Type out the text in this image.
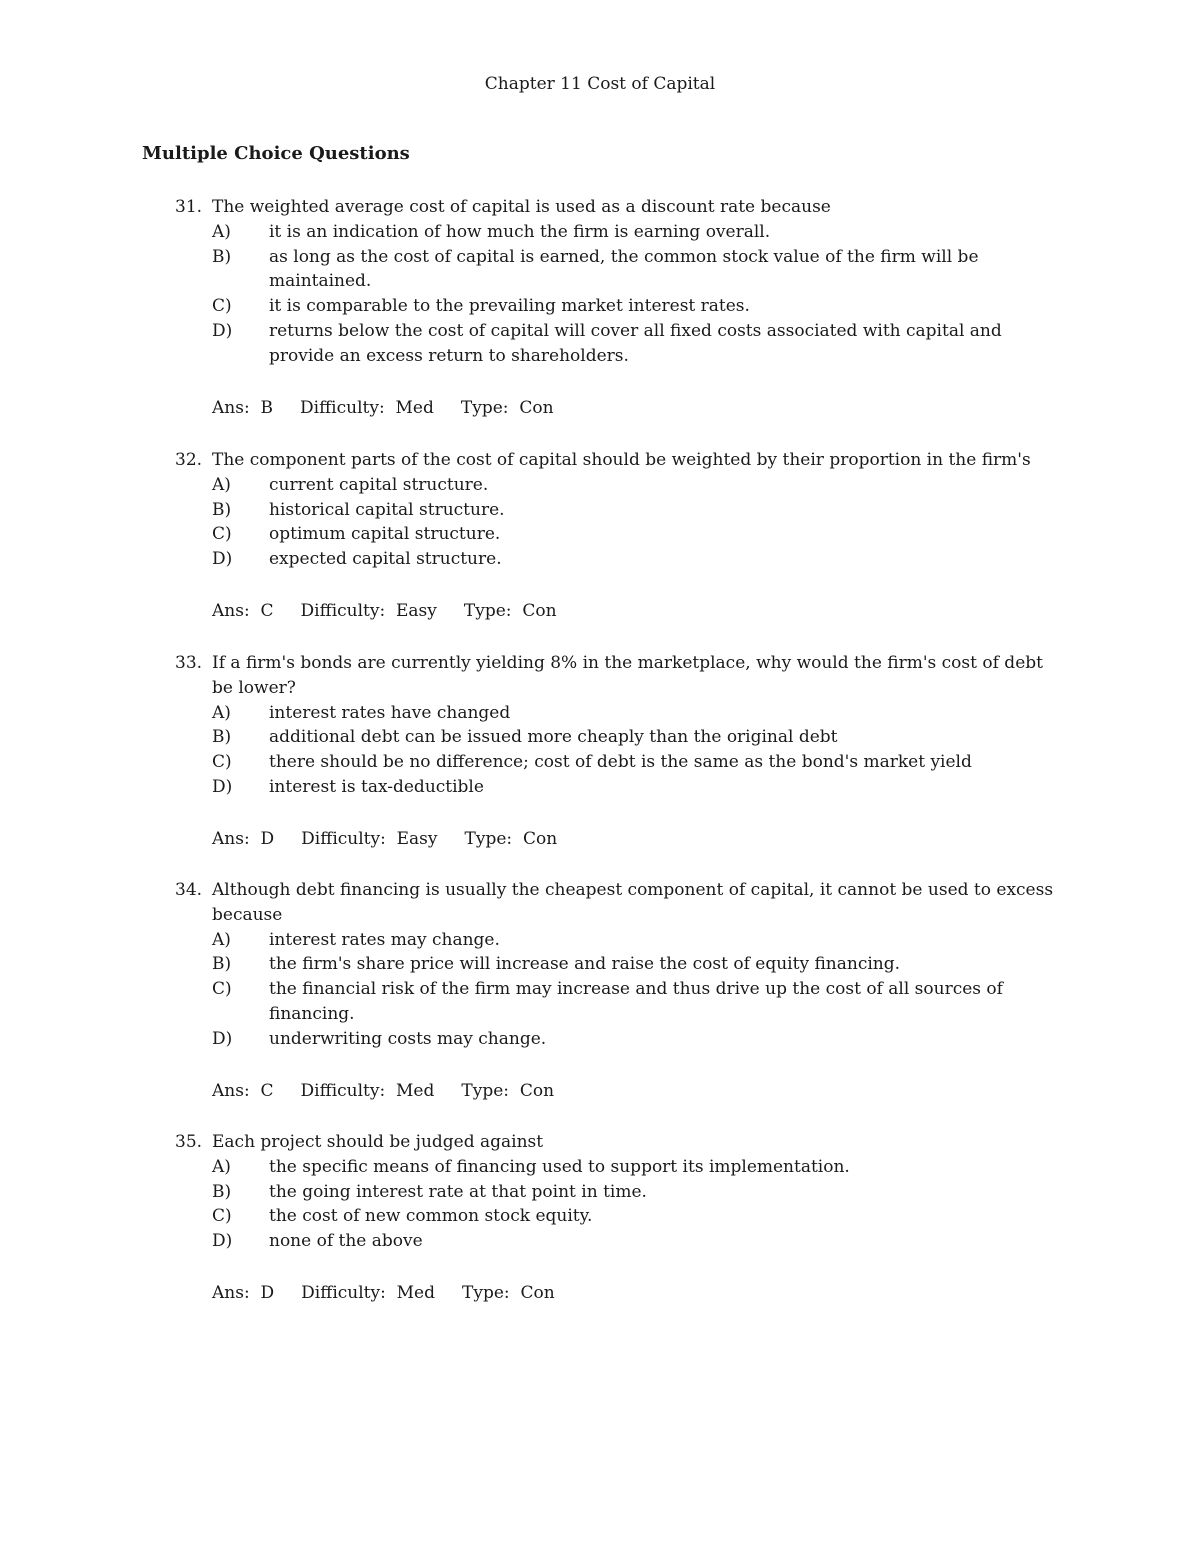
Chapter 11 Cost of Capital
Multiple Choice Questions
31. The weighted average cost of capital is used as a discount rate because
A)	it is an indication of how much the firm is earning overall.
B)	as long as the cost of capital is earned, the common stock value of the firm will be maintained.
C)	it is comparable to the prevailing market interest rates.
D)	returns below the cost of capital will cover all fixed costs associated with capital and provide an excess return to shareholders.
Ans: B Difficulty: Med Type: Con
32. The component parts of the cost of capital should be weighted by their proportion in the firm's
A)	current capital structure.
B)	historical capital structure.
C)	optimum capital structure.
D)	expected capital structure.
Ans: C Difficulty: Easy Type: Con
33. If a firm's bonds are currently yielding 8% in the marketplace, why would the firm's cost of debt be lower?
A)	interest rates have changed
B)	additional debt can be issued more cheaply than the original debt
C)	there should be no difference; cost of debt is the same as the bond's market yield
D)	interest is tax-deductible
Ans: D Difficulty: Easy Type: Con
34. Although debt financing is usually the cheapest component of capital, it cannot be used to excess because
A)	interest rates may change.
B)	the firm's share price will increase and raise the cost of equity financing.
C)	the financial risk of the firm may increase and thus drive up the cost of all sources of financing.
D)	underwriting costs may change.
Ans: C Difficulty: Med Type: Con
35. Each project should be judged against
A)	the specific means of financing used to support its implementation.
B)	the going interest rate at that point in time.
C)	the cost of new common stock equity.
D)	none of the above
Ans: D Difficulty: Med Type: Con
